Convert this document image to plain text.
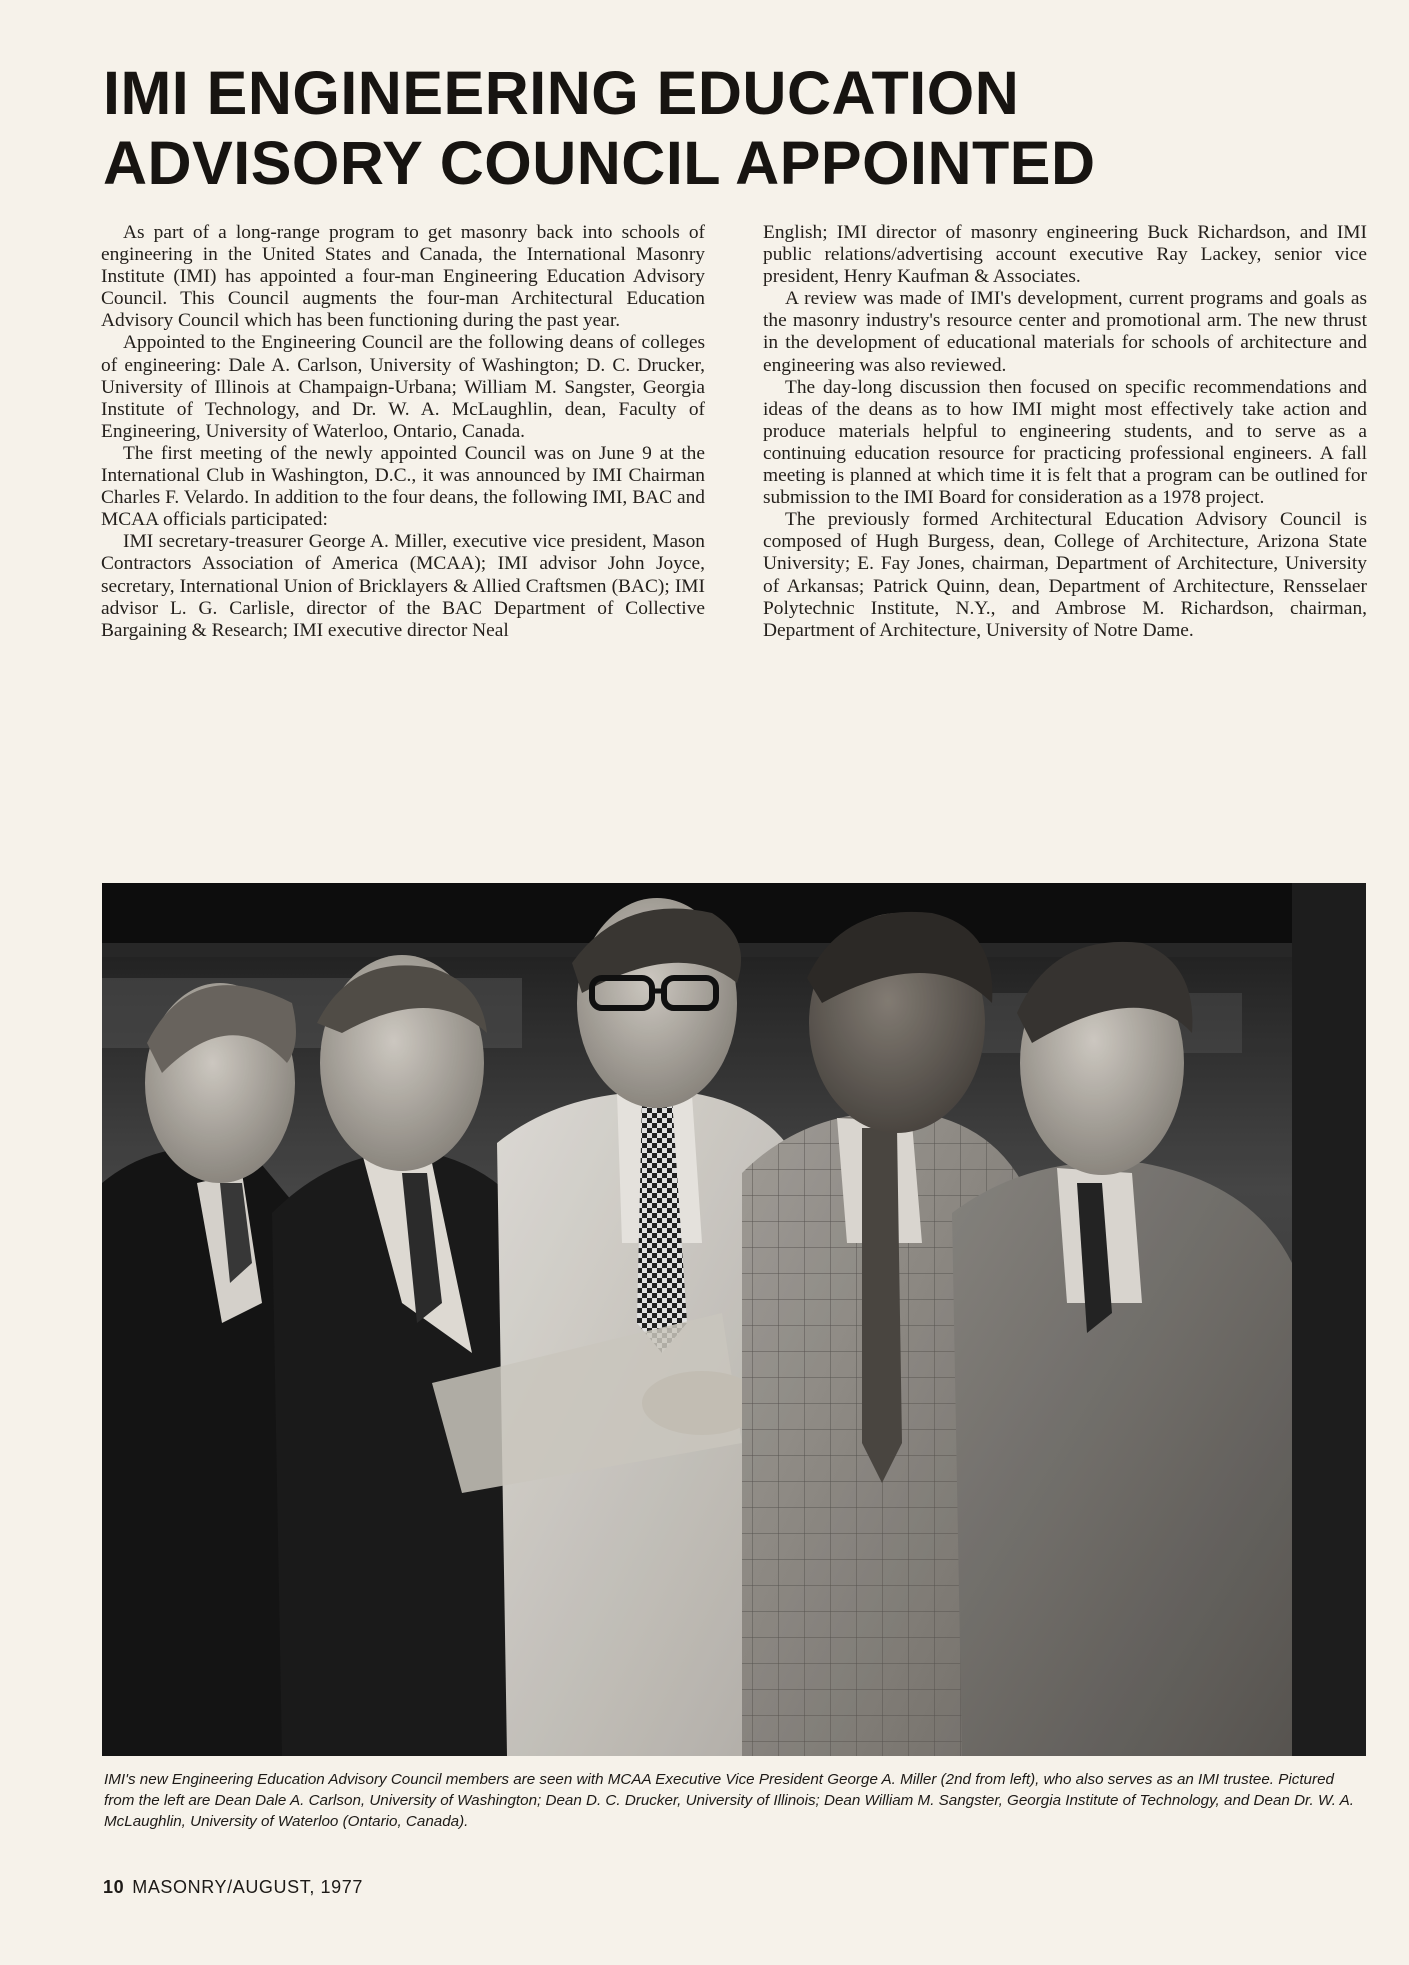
IMI ENGINEERING EDUCATION
ADVISORY COUNCIL APPOINTED

As part of a long-range program to get masonry back into schools of engineering in the United States and Canada, the International Masonry Institute (IMI) has appointed a four-man Engineering Education Advisory Council. This Council augments the four-man Architectural Education Advisory Council which has been functioning during the past year.

Appointed to the Engineering Council are the following deans of colleges of engineering: Dale A. Carlson, University of Washington; D. C. Drucker, University of Illinois at Champaign-Urbana; William M. Sangster, Georgia Institute of Technology, and Dr. W. A. McLaughlin, dean, Faculty of Engineering, University of Waterloo, Ontario, Canada.

The first meeting of the newly appointed Council was on June 9 at the International Club in Washington, D.C., it was announced by IMI Chairman Charles F. Velardo. In addition to the four deans, the following IMI, BAC and MCAA officials participated:

IMI secretary-treasurer George A. Miller, executive vice president, Mason Contractors Association of America (MCAA); IMI advisor John Joyce, secretary, International Union of Bricklayers & Allied Craftsmen (BAC); IMI advisor L. G. Carlisle, director of the BAC Department of Collective Bargaining & Research; IMI executive director Neal

English; IMI director of masonry engineering Buck Richardson, and IMI public relations/advertising account executive Ray Lackey, senior vice president, Henry Kaufman & Associates.

A review was made of IMI's development, current programs and goals as the masonry industry's resource center and promotional arm. The new thrust in the development of educational materials for schools of architecture and engineering was also reviewed.

The day-long discussion then focused on specific recommendations and ideas of the deans as to how IMI might most effectively take action and produce materials helpful to engineering students, and to serve as a continuing education resource for practicing professional engineers. A fall meeting is planned at which time it is felt that a program can be outlined for submission to the IMI Board for consideration as a 1978 project.

The previously formed Architectural Education Advisory Council is composed of Hugh Burgess, dean, College of Architecture, Arizona State University; E. Fay Jones, chairman, Department of Architecture, University of Arkansas; Patrick Quinn, dean, Department of Architecture, Rensselaer Polytechnic Institute, N.Y., and Ambrose M. Richardson, chairman, Department of Architecture, University of Notre Dame.

IMI's new Engineering Education Advisory Council members are seen with MCAA Executive Vice President George A. Miller (2nd from left), who also serves as an IMI trustee. Pictured from the left are Dean Dale A. Carlson, University of Washington; Dean D. C. Drucker, University of Illinois; Dean William M. Sangster, Georgia Institute of Technology, and Dean Dr. W. A. McLaughlin, University of Waterloo (Ontario, Canada).

10 MASONRY/AUGUST, 1977
